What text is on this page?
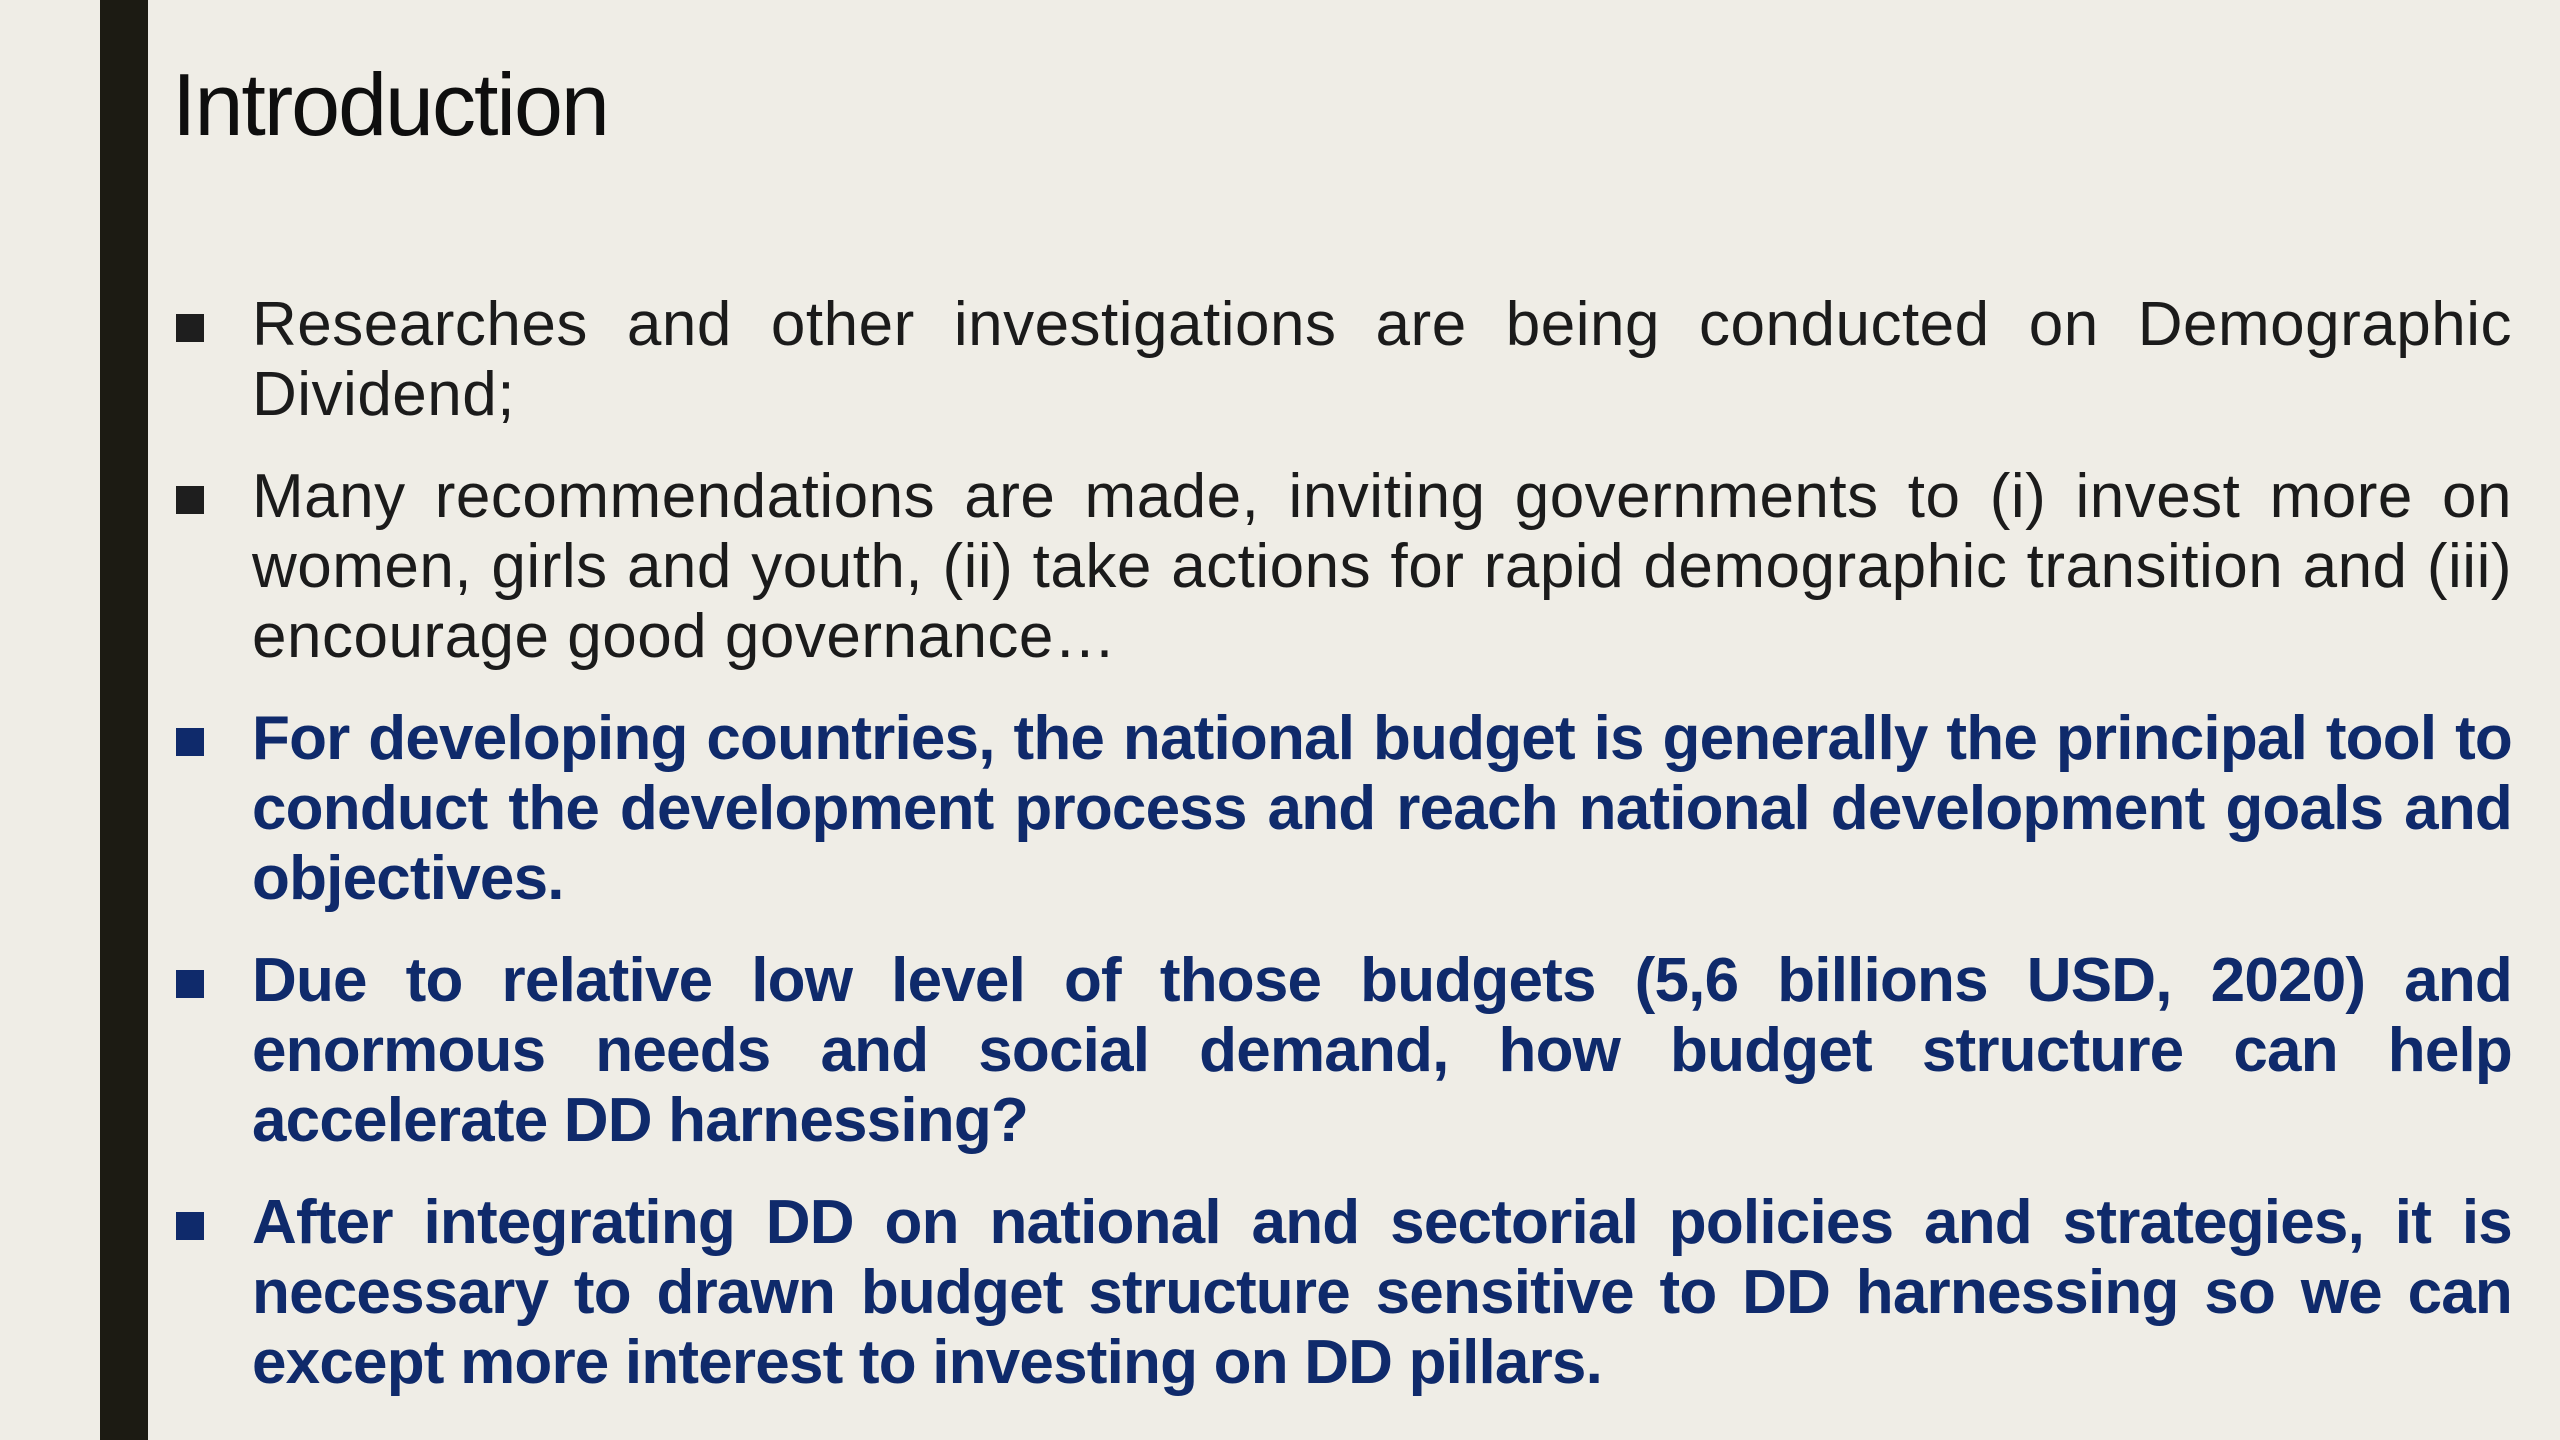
Introduction
Researches and other investigations are being conducted on Demographic Dividend;
Many recommendations are made, inviting governments to (i) invest more on women, girls and youth, (ii) take actions for rapid demographic transition and (iii) encourage good governance…
For developing countries, the national budget is generally the principal tool to conduct the development process and reach national development goals and objectives.
Due to relative low level of those budgets (5,6 billions USD, 2020) and enormous needs and social demand, how budget structure can help accelerate DD harnessing?
After integrating DD on national and sectorial policies and strategies, it is necessary to drawn budget structure sensitive to DD harnessing so we can except more interest to investing on DD pillars.
